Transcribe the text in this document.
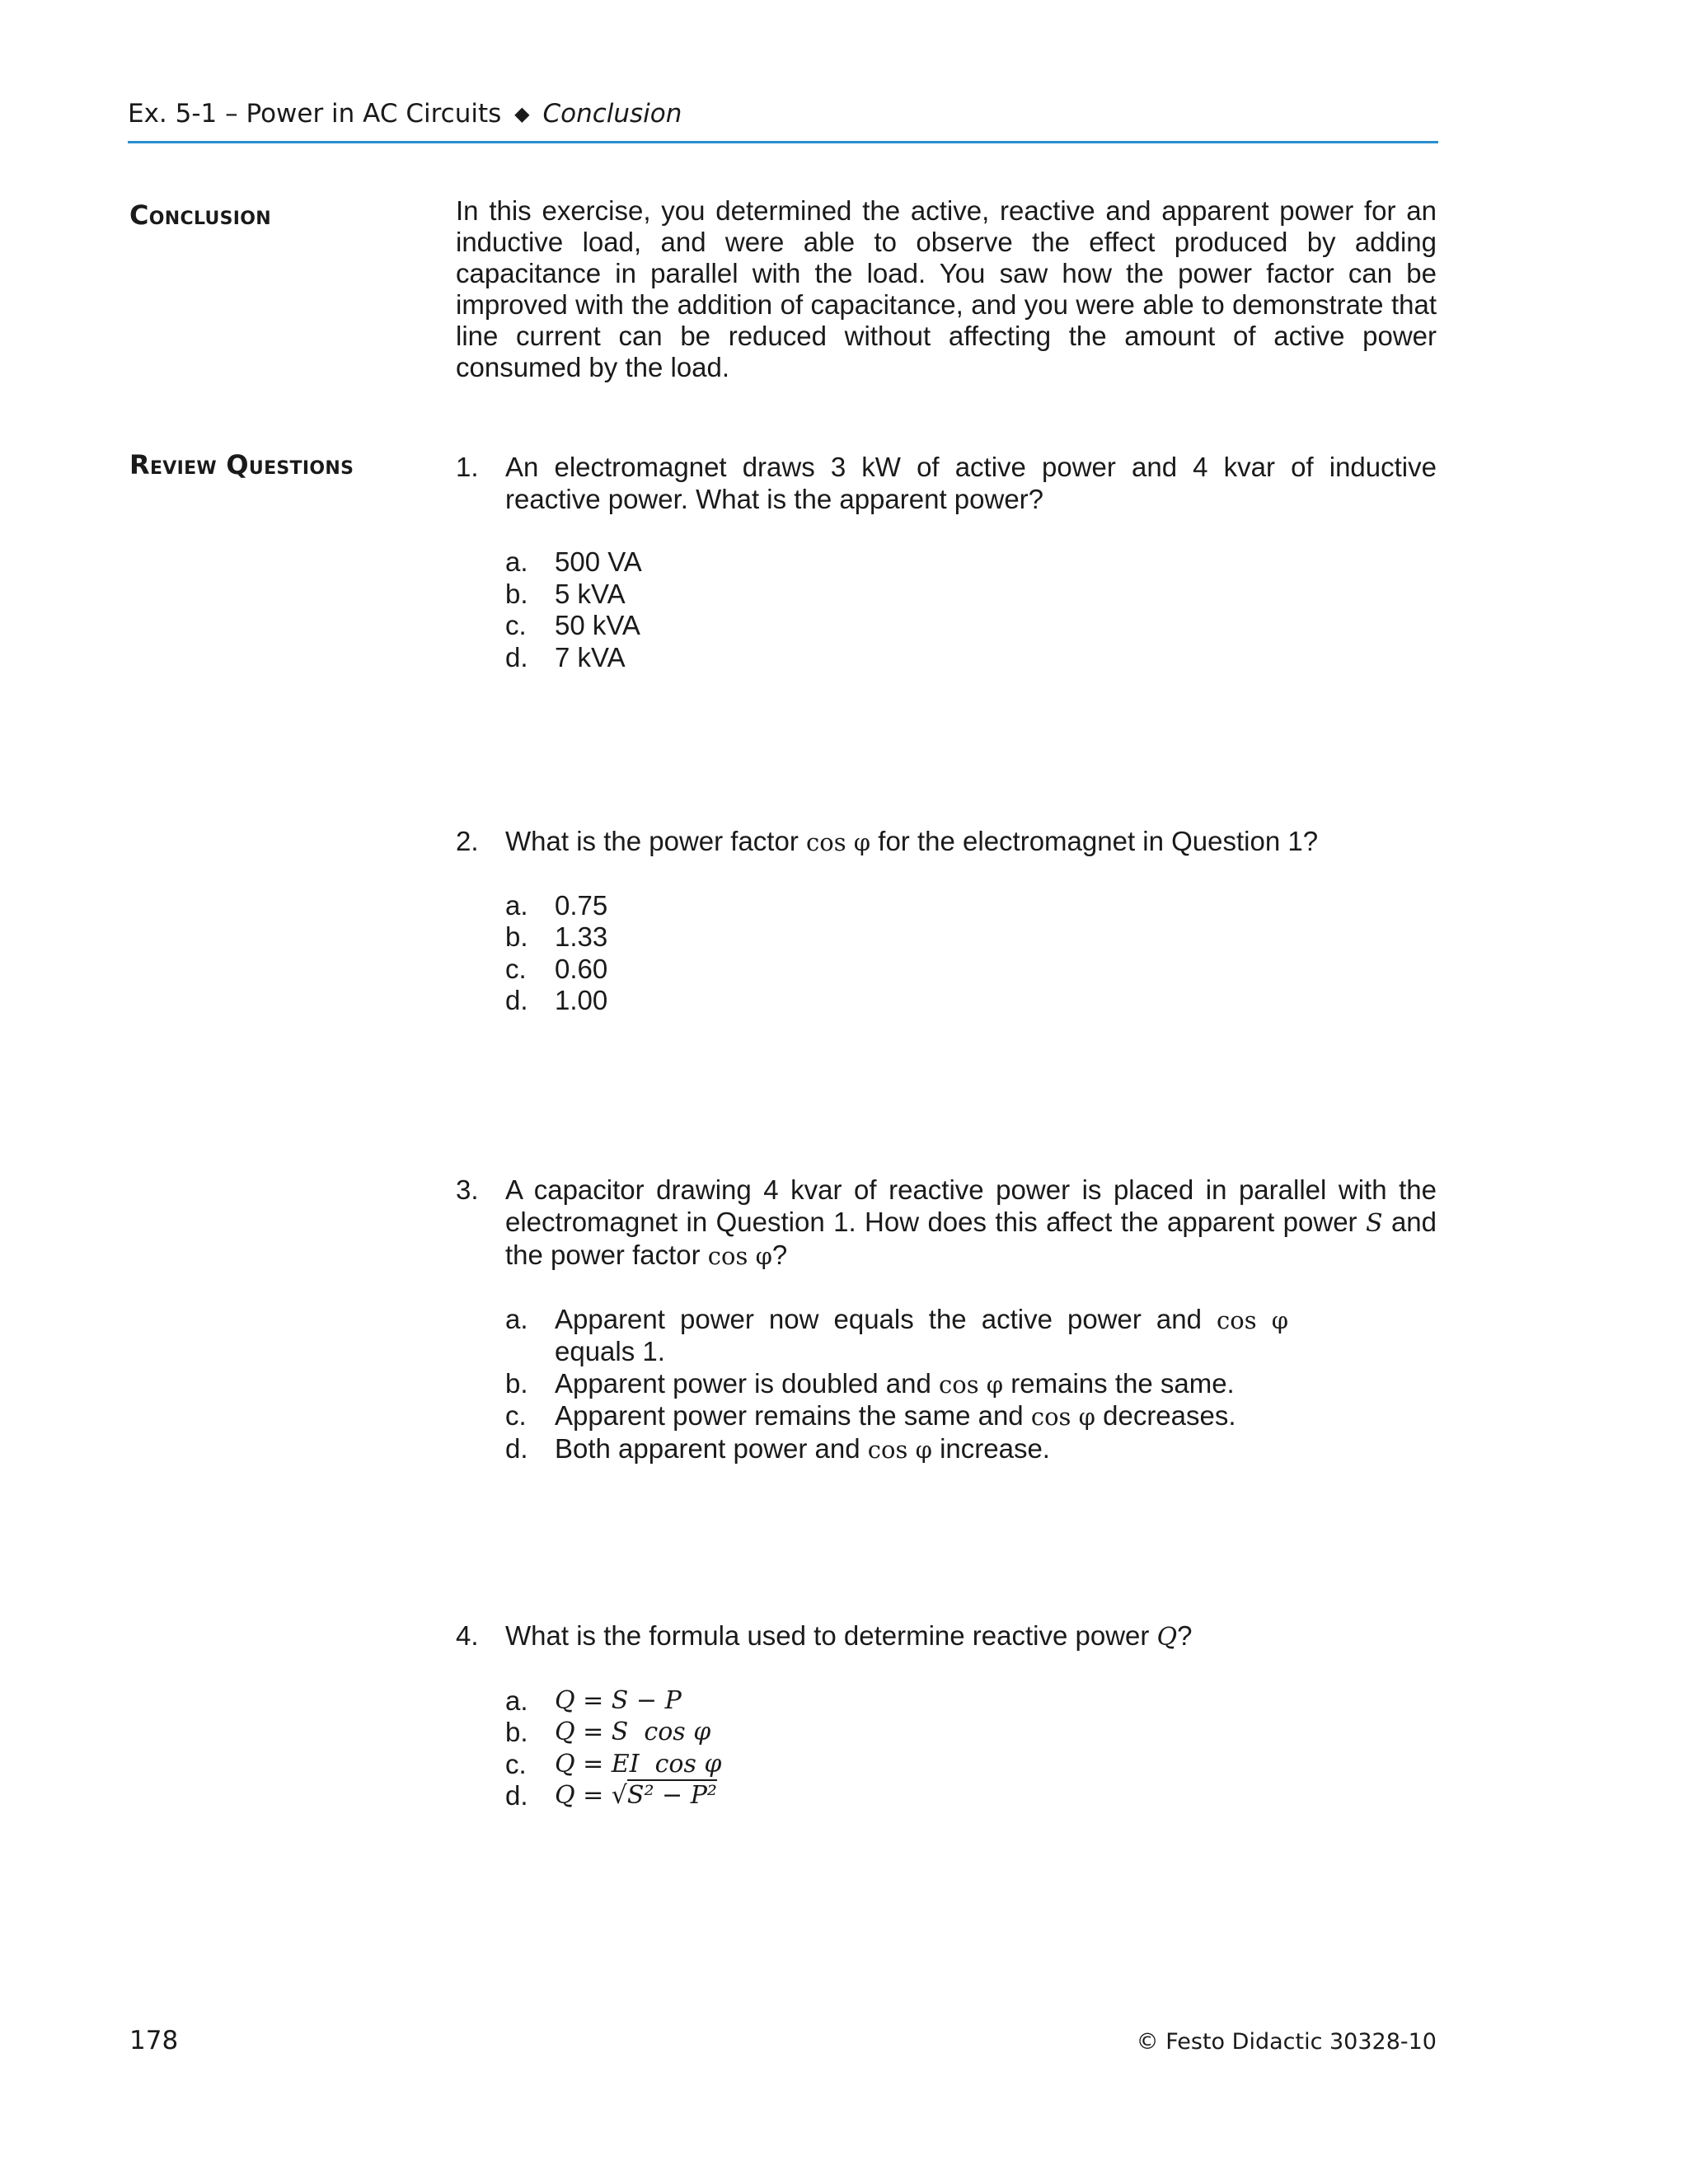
Ex. 5-1 – Power in AC Circuits ◆ Conclusion
Conclusion	In this exercise, you determined the active, reactive and apparent power for an inductive load, and were able to observe the effect produced by adding capacitance in parallel with the load. You saw how the power factor can be improved with the addition of capacitance, and you were able to demonstrate that line current can be reduced without affecting the amount of active power consumed by the load.
Review Questions	1. An electromagnet draws 3 kW of active power and 4 kvar of inductive reactive power. What is the apparent power?
a. 500 VA
b. 5 kVA
c.	50 kVA
d. 7 kVA
2. What is the power factor cos φ for the electromagnet in Question 1?
a. 0.75
b. 1.33
c.	0.60
d. 1.00
3. A capacitor drawing 4 kvar of reactive power is placed in parallel with the electromagnet in Question 1. How does this affect the apparent power S and the power factor cos φ?
a. Apparent power now equals the active power and cos φ equals 1.
b. Apparent power is doubled and cos φ remains the same.
c.	Apparent power remains the same and cos φ decreases.
d. Both apparent power and cos φ increase.
4. What is the formula used to determine reactive power Q?
a.	Q = S − P
b.	Q = S  cos φ
c.	Q = EI  cos φ
d.	Q = √S² − P²
178	© Festo Didactic 30328-10
